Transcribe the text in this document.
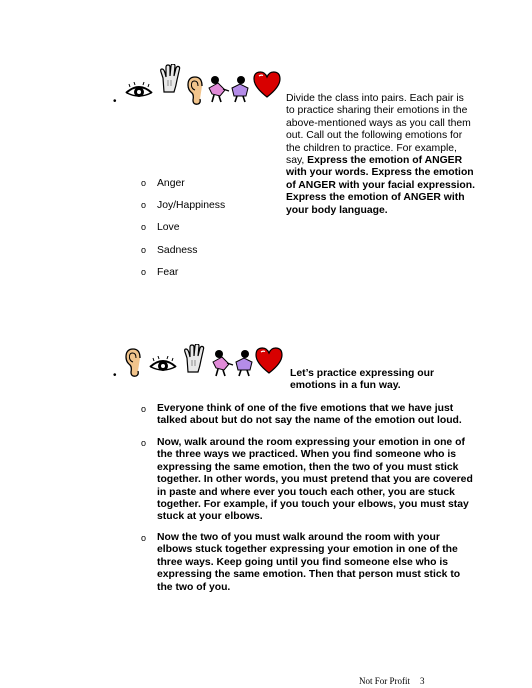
•	Divide the class into pairs. Each pair is to practice sharing their emotions in the above-mentioned ways as you call them out. Call out the following emotions for the children to practice. For example, say, Express the emotion of ANGER with your words. Express the emotion of ANGER with your facial expression. Express the emotion of ANGER with your body language.
o Anger
o Joy/Happiness
o Love
o Sadness
o Fear
•	Let’s practice expressing our emotions in a fun way.
o Everyone think of one of the five emotions that we have just talked about but do not say the name of the emotion out loud.
o Now, walk around the room expressing your emotion in one of the three ways we practiced. When you find someone who is expressing the same emotion, then the two of you must stick together. In other words, you must pretend that you are covered in paste and where ever you touch each other, you are stuck together. For example, if you touch your elbows, you must stay stuck at your elbows.
o Now the two of you must walk around the room with your elbows stuck together expressing your emotion in one of the three ways. Keep going until you find someone else who is expressing the same emotion. Then that person must stick to the two of you.
Not For Profit 3
